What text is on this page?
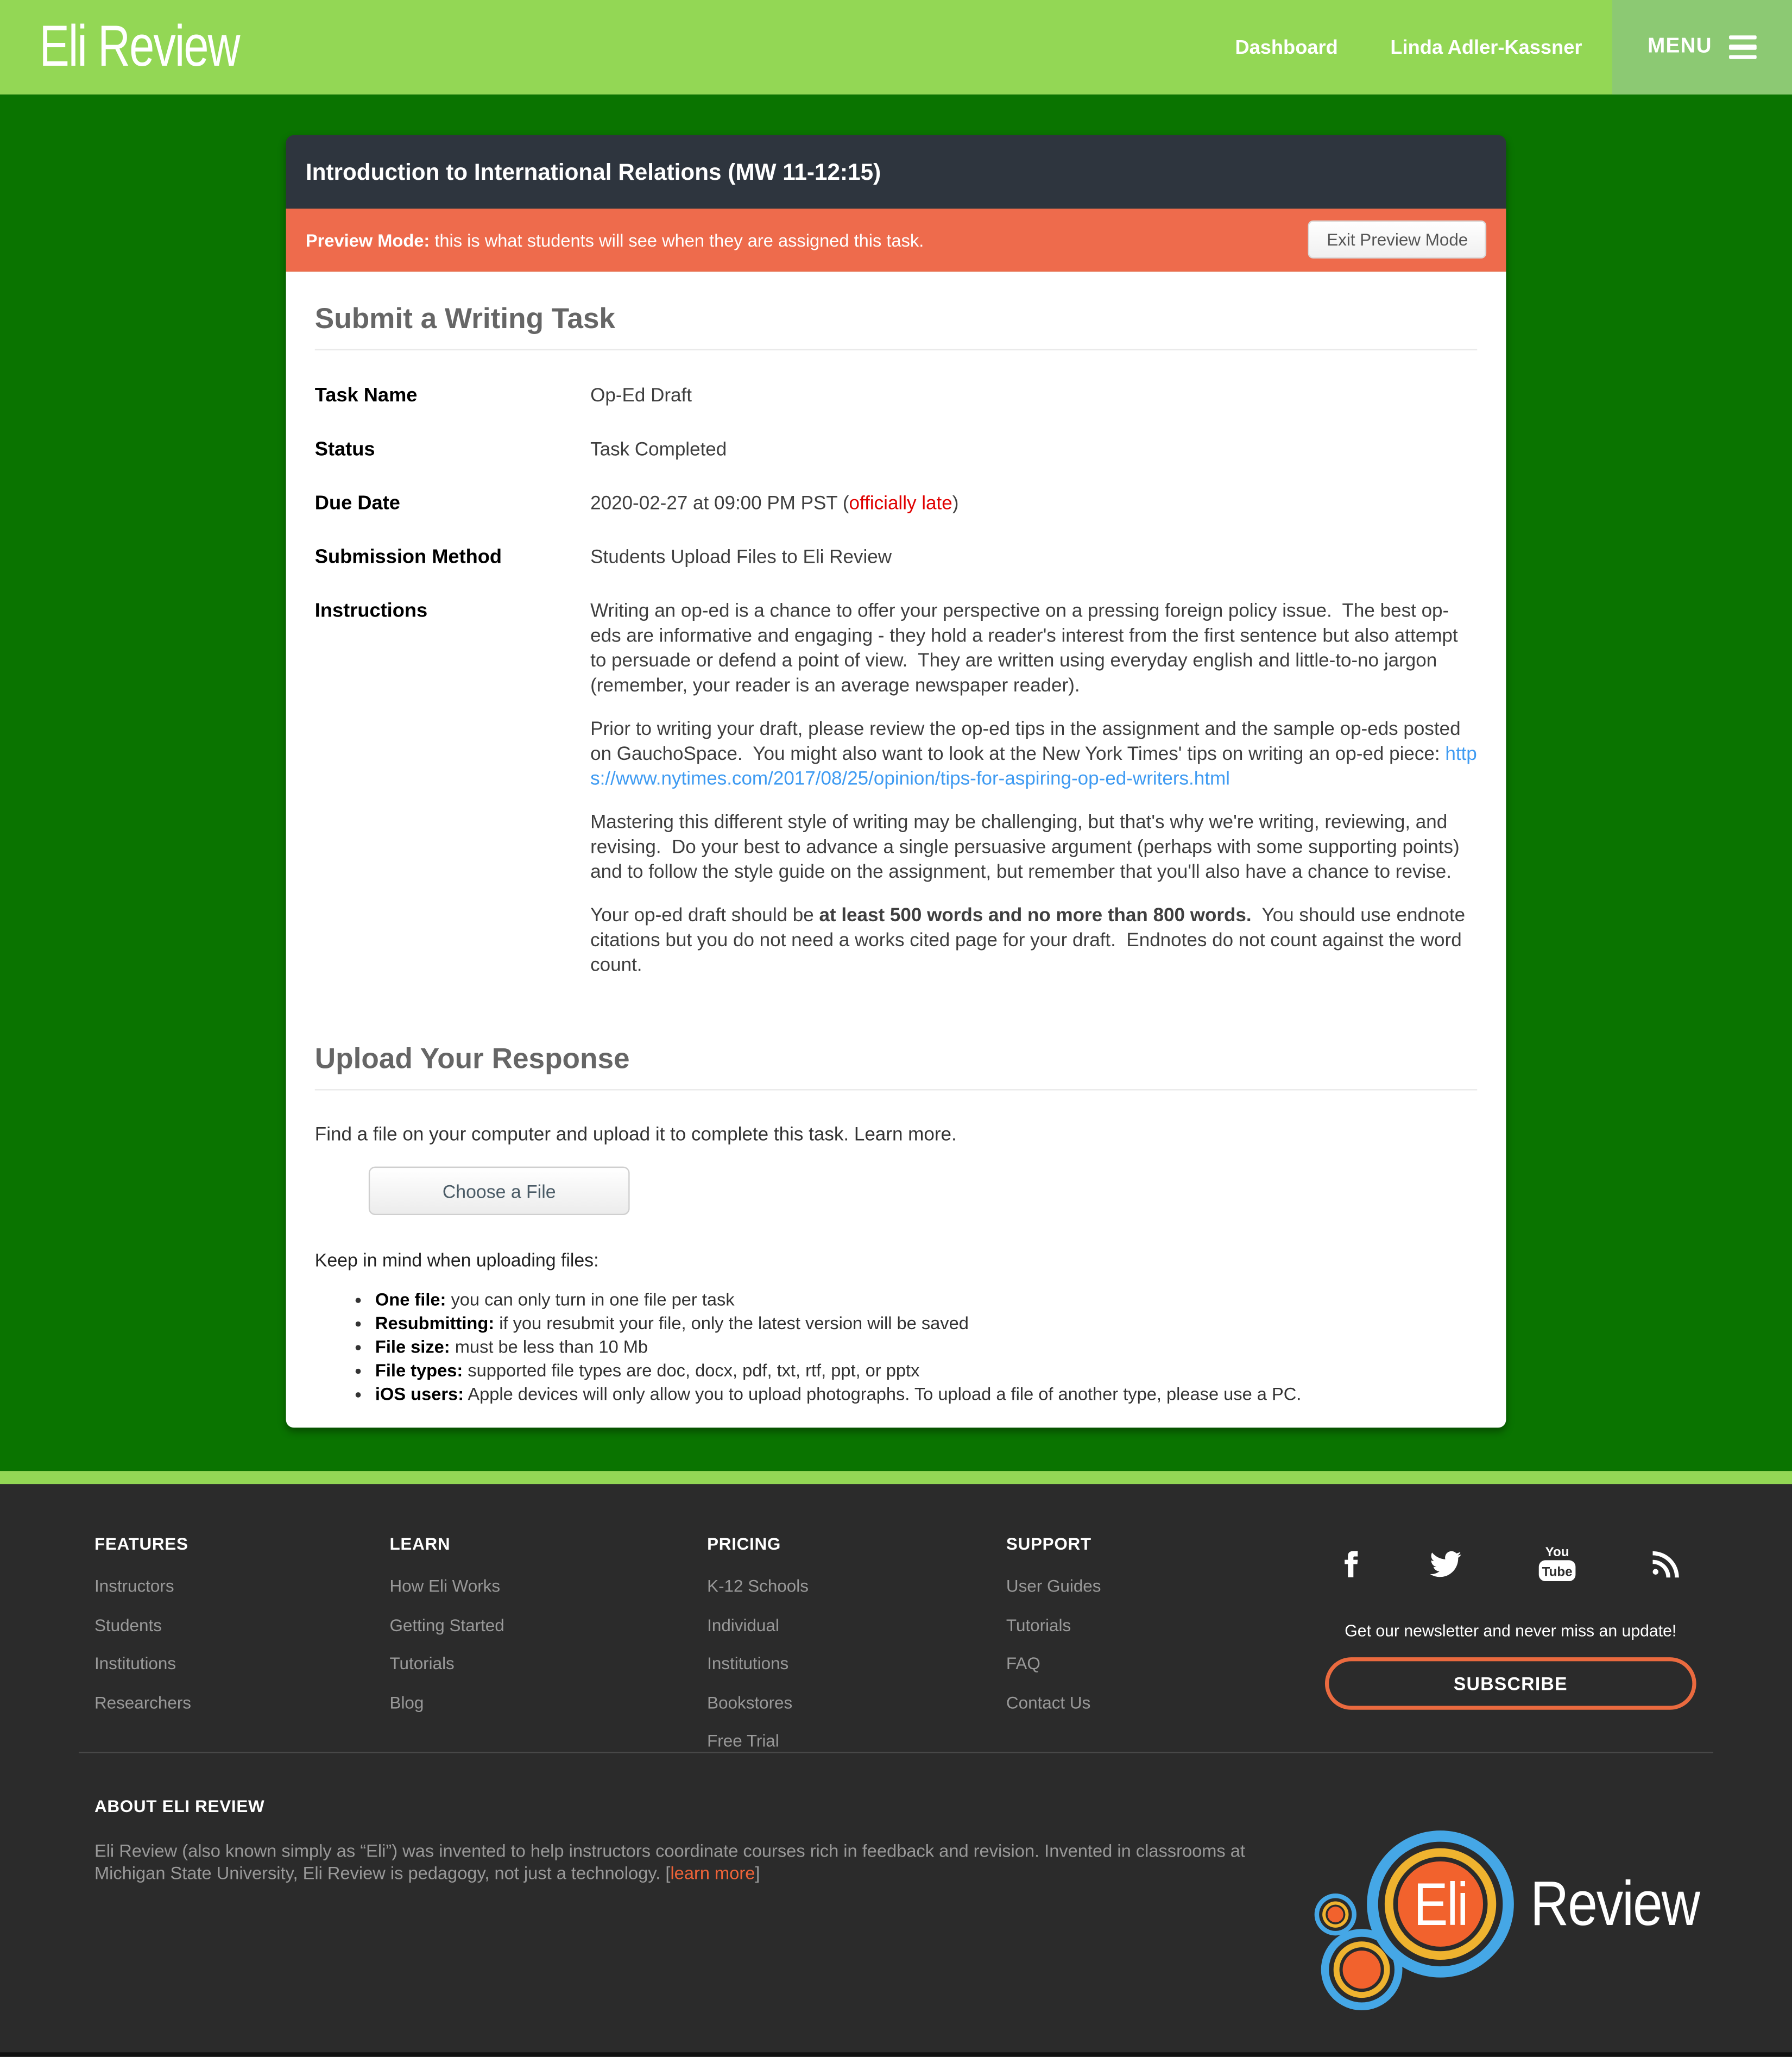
Eli Review	Dashboard	Linda Adler-Kassner	MENU
Introduction to International Relations (MW 11-12:15)
Preview Mode: this is what students will see when they are assigned this task.	Exit Preview Mode
Submit a Writing Task
Task Name	Op-Ed Draft
Status	Task Completed
Due Date	2020-02-27 at 09:00 PM PST (officially late)
Submission Method	Students Upload Files to Eli Review
Instructions	Writing an op-ed is a chance to offer your perspective on a pressing foreign policy issue.  The best op-eds are informative and engaging - they hold a reader's interest from the first sentence but also attempt to persuade or defend a point of view.  They are written using everyday english and little-to-no jargon (remember, your reader is an average newspaper reader).

Prior to writing your draft, please review the op-ed tips in the assignment and the sample op-eds posted on GauchoSpace.  You might also want to look at the New York Times' tips on writing an op-ed piece: https://www.nytimes.com/2017/08/25/opinion/tips-for-aspiring-op-ed-writers.html

Mastering this different style of writing may be challenging, but that's why we're writing, reviewing, and revising.  Do your best to advance a single persuasive argument (perhaps with some supporting points) and to follow the style guide on the assignment, but remember that you'll also have a chance to revise.

Your op-ed draft should be at least 500 words and no more than 800 words.  You should use endnote citations but you do not need a works cited page for your draft.  Endnotes do not count against the word count.

Upload Your Response
Find a file on your computer and upload it to complete this task. Learn more.
Choose a File
Keep in mind when uploading files:
• One file: you can only turn in one file per task
• Resubmitting: if you resubmit your file, only the latest version will be saved
• File size: must be less than 10 Mb
• File types: supported file types are doc, docx, pdf, txt, rtf, ppt, or pptx
• iOS users: Apple devices will only allow you to upload photographs. To upload a file of another type, please use a PC.
FEATURES
Instructors
Students
Institutions
Researchers
LEARN
How Eli Works
Getting Started
Tutorials
Blog
PRICING
K-12 Schools
Individual
Institutions
Bookstores
Free Trial
SUPPORT
User Guides
Tutorials
FAQ
Contact Us
You
Tube
Get our newsletter and never miss an update!
SUBSCRIBE
ABOUT ELI REVIEW
Eli Review (also known simply as “Eli”) was invented to help instructors coordinate courses rich in feedback and revision. Invented in classrooms at Michigan State University, Eli Review is pedagogy, not just a technology. [learn more]	Eli Review
